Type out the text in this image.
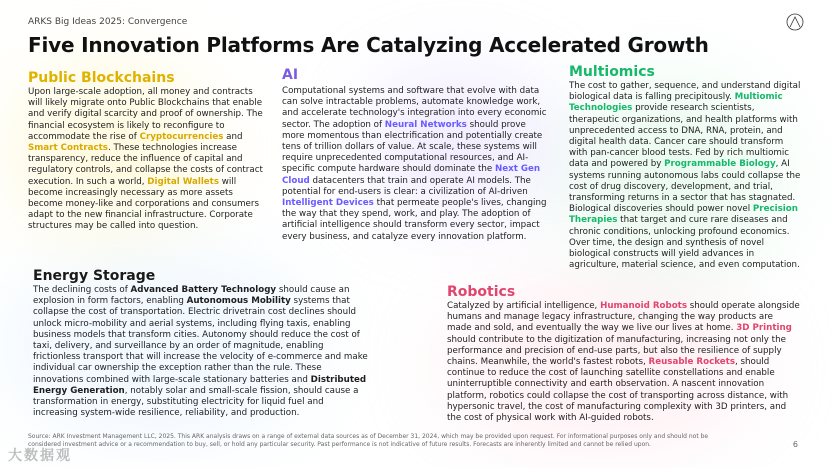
ARKS Big Ideas 2025: Convergence
Five Innovation Platforms Are Catalyzing Accelerated Growth
Public Blockchains
Upon large-scale adoption, all money and contracts will likely migrate onto Public Blockchains that enable and verify digital scarcity and proof of ownership. The financial ecosystem is likely to reconfigure to accommodate the rise of Cryptocurrencies and Smart Contracts. These technologies increase transparency, reduce the influence of capital and regulatory controls, and collapse the costs of contract execution. In such a world, Digital Wallets will become increasingly necessary as more assets become money-like and corporations and consumers adapt to the new financial infrastructure. Corporate structures may be called into question.
AI
Computational systems and software that evolve with data can solve intractable problems, automate knowledge work, and accelerate technology's integration into every economic sector. The adoption of Neural Networks should prove more momentous than electrification and potentially create tens of trillion dollars of value. At scale, these systems will require unprecedented computational resources, and AI-specific compute hardware should dominate the Next Gen Cloud datacenters that train and operate AI models. The potential for end-users is clear: a civilization of AI-driven Intelligent Devices that permeate people's lives, changing the way that they spend, work, and play. The adoption of artificial intelligence should transform every sector, impact every business, and catalyze every innovation platform.
Multiomics
The cost to gather, sequence, and understand digital biological data is falling precipitously. Multiomic Technologies provide research scientists, therapeutic organizations, and health platforms with unprecedented access to DNA, RNA, protein, and digital health data. Cancer care should transform with pan-cancer blood tests. Fed by rich multiomic data and powered by Programmable Biology, AI systems running autonomous labs could collapse the cost of drug discovery, development, and trial, transforming returns in a sector that has stagnated. Biological discoveries should power novel Precision Therapies that target and cure rare diseases and chronic conditions, unlocking profound economics. Over time, the design and synthesis of novel biological constructs will yield advances in agriculture, material science, and even computation.
Energy Storage
The declining costs of Advanced Battery Technology should cause an explosion in form factors, enabling Autonomous Mobility systems that collapse the cost of transportation. Electric drivetrain cost declines should unlock micro-mobility and aerial systems, including flying taxis, enabling business models that transform cities. Autonomy should reduce the cost of taxi, delivery, and surveillance by an order of magnitude, enabling frictionless transport that will increase the velocity of e-commerce and make individual car ownership the exception rather than the rule. These innovations combined with large-scale stationary batteries and Distributed Energy Generation, notably solar and small-scale fission, should cause a transformation in energy, substituting electricity for liquid fuel and increasing system-wide resilience, reliability, and production.
Robotics
Catalyzed by artificial intelligence, Humanoid Robots should operate alongside humans and manage legacy infrastructure, changing the way products are made and sold, and eventually the way we live our lives at home. 3D Printing should contribute to the digitization of manufacturing, increasing not only the performance and precision of end-use parts, but also the resilience of supply chains. Meanwhile, the world's fastest robots, Reusable Rockets, should continue to reduce the cost of launching satellite constellations and enable uninterruptible connectivity and earth observation. A nascent innovation platform, robotics could collapse the cost of transporting across distance, with hypersonic travel, the cost of manufacturing complexity with 3D printers, and the cost of physical work with AI-guided robots.
Source: ARK Investment Management LLC, 2025. This ARK analysis draws on a range of external data sources as of December 31, 2024, which may be provided upon request. For informational purposes only and should not be considered investment advice or a recommendation to buy, sell, or hold any particular security. Past performance is not indicative of future results. Forecasts are inherently limited and cannot be relied upon.	6
大数据观
